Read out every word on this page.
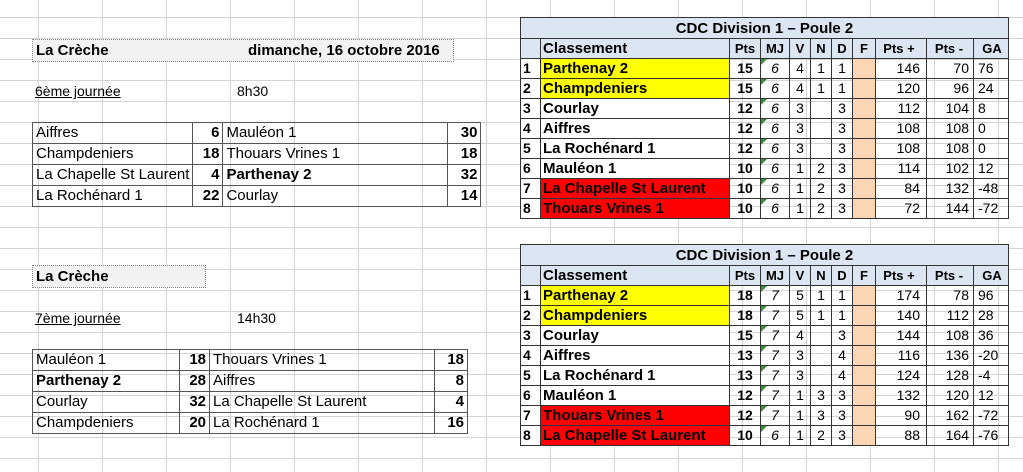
La Crèche	dimanche, 16 octobre 2016
6ème journée	8h30
Aiffres	6	Mauléon 1	30
Champdeniers	18	Thouars Vrines 1	18
La Chapelle St Laurent	4	Parthenay 2	32
La Rochénard 1	22	Courlay	14
La Crèche
7ème journée	14h30
Mauléon 1	18	Thouars Vrines 1	18
Parthenay 2	28	Aiffres	8
Courlay	32	La Chapelle St Laurent	4
Champdeniers	20	La Rochénard 1	16
CDC Division 1 – Poule 2										
	Classement	Pts	MJ	V	N	D	F	Pts +	Pts -	GA
1	Parthenay 2	15	6	4	1	1		146	70	76
2	Champdeniers	15	6	4	1	1		120	96	24
3	Courlay	12	6	3		3		112	104	8
4	Aiffres	12	6	3		3		108	108	0
5	La Rochénard 1	12	6	3		3		108	108	0
6	Mauléon 1	10	6	1	2	3		114	102	12
7	La Chapelle St Laurent	10	6	1	2	3		84	132	-48
8	Thouars Vrines 1	10	6	1	2	3		72	144	-72
CDC Division 1 – Poule 2										
	Classement	Pts	MJ	V	N	D	F	Pts +	Pts -	GA
1	Parthenay 2	18	7	5	1	1		174	78	96
2	Champdeniers	18	7	5	1	1		140	112	28
3	Courlay	15	7	4		3		144	108	36
4	Aiffres	13	7	3		4		116	136	-20
5	La Rochénard 1	13	7	3		4		124	128	-4
6	Mauléon 1	12	7	1	3	3		132	120	12
7	Thouars Vrines 1	12	7	1	3	3		90	162	-72
8	La Chapelle St Laurent	10	6	1	2	3		88	164	-76
